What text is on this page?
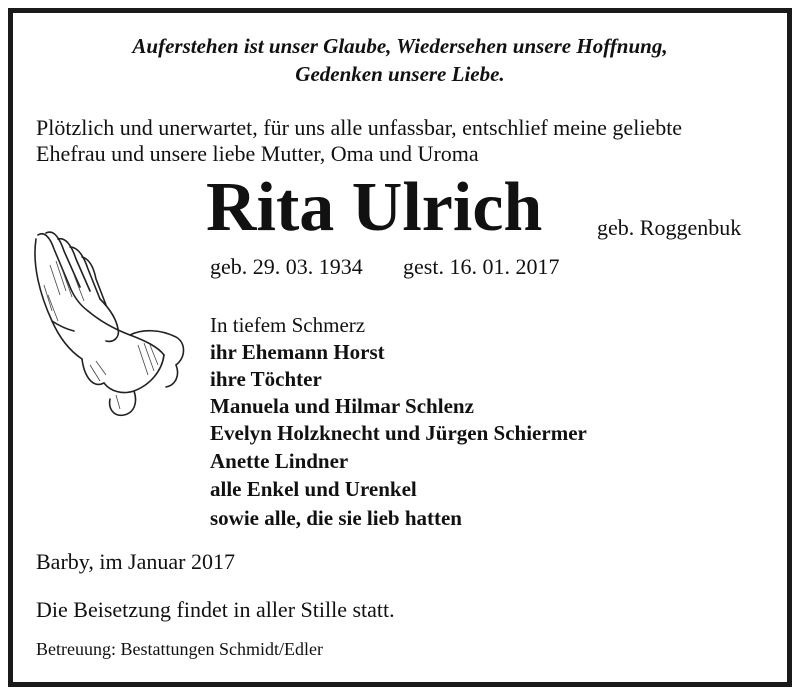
Auferstehen ist unser Glaube, Wiedersehen unsere Hoffnung,
Gedenken unsere Liebe.
Plötzlich und unerwartet, für uns alle unfassbar, entschlief meine geliebte
Ehefrau und unsere liebe Mutter, Oma und Uroma
Rita Ulrich geb. Roggenbuk
geb. 29. 03. 1934 gest. 16. 01. 2017
In tiefem Schmerz
ihr Ehemann Horst
ihre Töchter
Manuela und Hilmar Schlenz
Evelyn Holzknecht und Jürgen Schiermer
Anette Lindner
alle Enkel und Urenkel
sowie alle, die sie lieb hatten
Barby, im Januar 2017
Die Beisetzung findet in aller Stille statt.
Betreuung: Bestattungen Schmidt/Edler
